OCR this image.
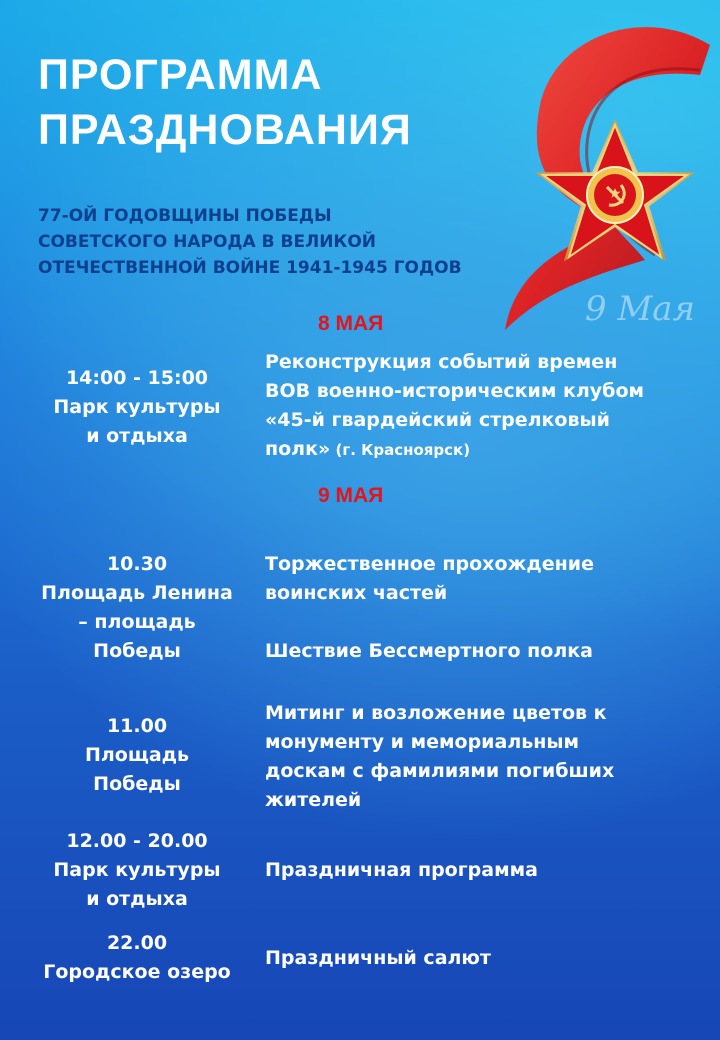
9 Мая
ПРОГРАММА
ПРАЗДНОВАНИЯ
77-ОЙ ГОДОВЩИНЫ ПОБЕДЫ
СОВЕТСКОГО НАРОДА В ВЕЛИКОЙ
ОТЕЧЕСТВЕННОЙ ВОЙНЕ 1941-1945 ГОДОВ
8 МАЯ
14:00 - 15:00
Парк культуры
и отдыха
Реконструкция событий времен
ВОВ военно-историческим клубом
«45-й гвардейский стрелковый
полк» (г. Красноярск)
9 МАЯ
10.30
Площадь Ленина
– площадь
Победы
Торжественное прохождение
воинских частей
Шествие Бессмертного полка
11.00
Площадь
Победы
Митинг и возложение цветов к
монументу и мемориальным
доскам с фамилиями погибших
жителей
12.00 - 20.00
Парк культуры
и отдыха
Праздничная программа
22.00
Городское озеро
Праздничный салют
